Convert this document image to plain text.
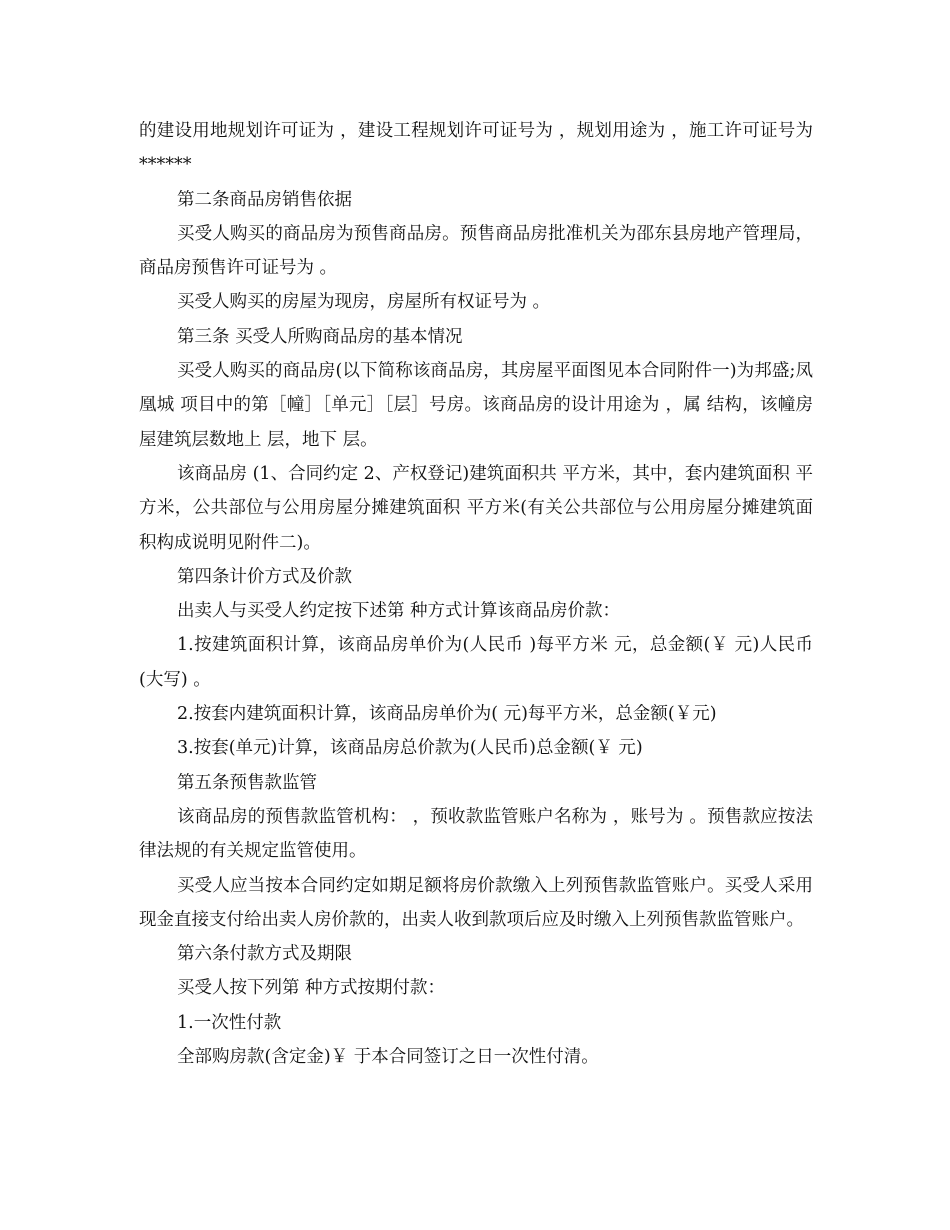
的建设用地规划许可证为 ，建设工程规划许可证号为 ，规划用途为 ，施工许可证号为******

第二条商品房销售依据

买受人购买的商品房为预售商品房。预售商品房批准机关为邵东县房地产管理局，商品房预售许可证号为 。

买受人购买的房屋为现房，房屋所有权证号为 。

第三条 买受人所购商品房的基本情况

买受人购买的商品房(以下简称该商品房，其房屋平面图见本合同附件一)为邦盛;凤凰城 项目中的第［幢］［单元］［层］号房。该商品房的设计用途为 ，属 结构，该幢房屋建筑层数地上 层，地下 层。

该商品房 (1、合同约定 2、产权登记)建筑面积共 平方米，其中，套内建筑面积 平方米，公共部位与公用房屋分摊建筑面积 平方米(有关公共部位与公用房屋分摊建筑面积构成说明见附件二)。

第四条计价方式及价款

出卖人与买受人约定按下述第 种方式计算该商品房价款：

1.按建筑面积计算，该商品房单价为(人民币 )每平方米 元，总金额(￥ 元)人民币(大写) 。

2.按套内建筑面积计算，该商品房单价为( 元)每平方米，总金额(￥元)

3.按套(单元)计算，该商品房总价款为(人民币)总金额(￥ 元)

第五条预售款监管

该商品房的预售款监管机构： ，预收款监管账户名称为 ，账号为 。预售款应按法律法规的有关规定监管使用。

买受人应当按本合同约定如期足额将房价款缴入上列预售款监管账户。买受人采用现金直接支付给出卖人房价款的，出卖人收到款项后应及时缴入上列预售款监管账户。

第六条付款方式及期限

买受人按下列第 种方式按期付款：

1.一次性付款

全部购房款(含定金)￥ 于本合同签订之日一次性付清。
